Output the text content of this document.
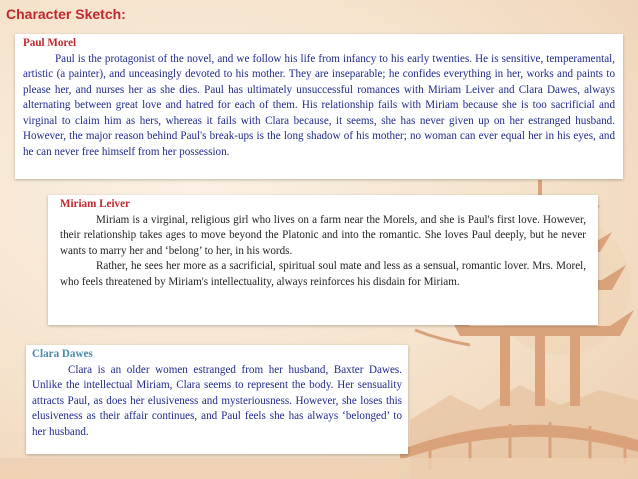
Character Sketch:
Paul Morel

Paul is the protagonist of the novel, and we follow his life from infancy to his early twenties. He is sensitive, temperamental, artistic (a painter), and unceasingly devoted to his mother. They are inseparable; he confides everything in her, works and paints to please her, and nurses her as she dies. Paul has ultimately unsuccessful romances with Miriam Leiver and Clara Dawes, always alternating between great love and hatred for each of them. His relationship fails with Miriam because she is too sacrificial and virginal to claim him as hers, whereas it fails with Clara because, it seems, she has never given up on her estranged husband. However, the major reason behind Paul's break-ups is the long shadow of his mother; no woman can ever equal her in his eyes, and he can never free himself from her possession.

Miriam Leiver

Miriam is a virginal, religious girl who lives on a farm near the Morels, and she is Paul's first love. However, their relationship takes ages to move beyond the Platonic and into the romantic. She loves Paul deeply, but he never wants to marry her and ‘belong’ to her, in his words.

Rather, he sees her more as a sacrificial, spiritual soul mate and less as a sensual, romantic lover. Mrs. Morel, who feels threatened by Miriam's intellectuality, always reinforces his disdain for Miriam.

Clara Dawes

Clara is an older women estranged from her husband, Baxter Dawes. Unlike the intellectual Miriam, Clara seems to represent the body. Her sensuality attracts Paul, as does her elusiveness and mysteriousness. However, she loses this elusiveness as their affair continues, and Paul feels she has always ‘belonged’ to her husband.
